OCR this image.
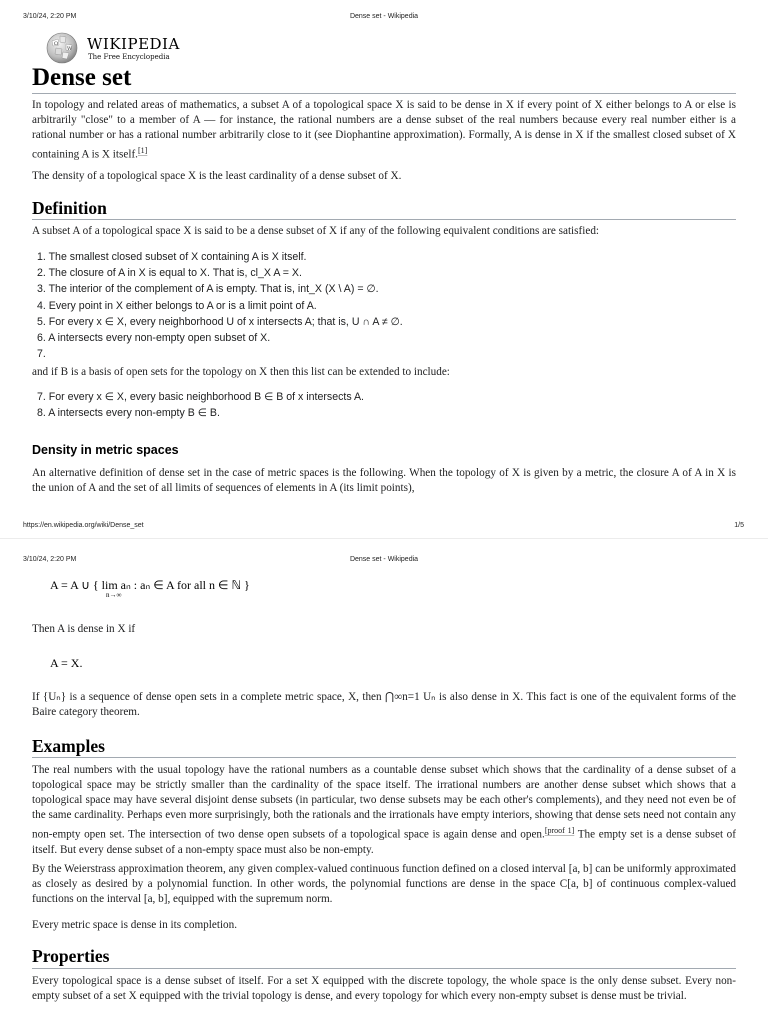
3/10/24, 2:20 PM	Dense set - Wikipedia
Ω
W WIKIPEDIA
The Free Encyclopedia
Dense set
In topology and related areas of mathematics, a subset A of a topological space X is said to be dense in X if every point of X either belongs to A or else is arbitrarily "close" to a member of A — for instance, the rational numbers are a dense subset of the real numbers because every real number either is a rational number or has a rational number arbitrarily close to it (see Diophantine approximation). Formally, A is dense in X if the smallest closed subset of X containing A is X itself.[1]
The density of a topological space X is the least cardinality of a dense subset of X.
Definition
A subset A of a topological space X is said to be a dense subset of X if any of the following equivalent conditions are satisfied:
1. The smallest closed subset of X containing A is X itself.
2. The closure of A in X is equal to X. That is, cl_X A = X.
3. The interior of the complement of A is empty. That is, int_X (X \ A) = ∅.
4. Every point in X either belongs to A or is a limit point of A.
5. For every x ∈ X, every neighborhood U of x intersects A; that is, U ∩ A ≠ ∅.
6. A intersects every non-empty open subset of X.
7.
and if B is a basis of open sets for the topology on X then this list can be extended to include:
7. For every x ∈ X, every basic neighborhood B ∈ B of x intersects A.
8. A intersects every non-empty B ∈ B.
Density in metric spaces
An alternative definition of dense set in the case of metric spaces is the following. When the topology of X is given by a metric, the closure A of A in X is the union of A and the set of all limits of sequences of elements in A (its limit points),
https://en.wikipedia.org/wiki/Dense_set	1/5
3/10/24, 2:20 PM	Dense set - Wikipedia
A = A ∪ { lim aₙ : aₙ ∈ A for all n ∈ ℕ }
n→∞
Then A is dense in X if
A = X.
If {Uₙ} is a sequence of dense open sets in a complete metric space, X, then ⋂∞n=1 Uₙ is also dense in X. This fact is one of the equivalent forms of the Baire category theorem.
Examples
The real numbers with the usual topology have the rational numbers as a countable dense subset which shows that the cardinality of a dense subset of a topological space may be strictly smaller than the cardinality of the space itself. The irrational numbers are another dense subset which shows that a topological space may have several disjoint dense subsets (in particular, two dense subsets may be each other's complements), and they need not even be of the same cardinality. Perhaps even more surprisingly, both the rationals and the irrationals have empty interiors, showing that dense sets need not contain any non-empty open set. The intersection of two dense open subsets of a topological space is again dense and open.[proof 1] The empty set is a dense subset of itself. But every dense subset of a non-empty space must also be non-empty.
By the Weierstrass approximation theorem, any given complex-valued continuous function defined on a closed interval [a, b] can be uniformly approximated as closely as desired by a polynomial function. In other words, the polynomial functions are dense in the space C[a, b] of continuous complex-valued functions on the interval [a, b], equipped with the supremum norm.
Every metric space is dense in its completion.
Properties
Every topological space is a dense subset of itself. For a set X equipped with the discrete topology, the whole space is the only dense subset. Every non-empty subset of a set X equipped with the trivial topology is dense, and every topology for which every non-empty subset is dense must be trivial.
